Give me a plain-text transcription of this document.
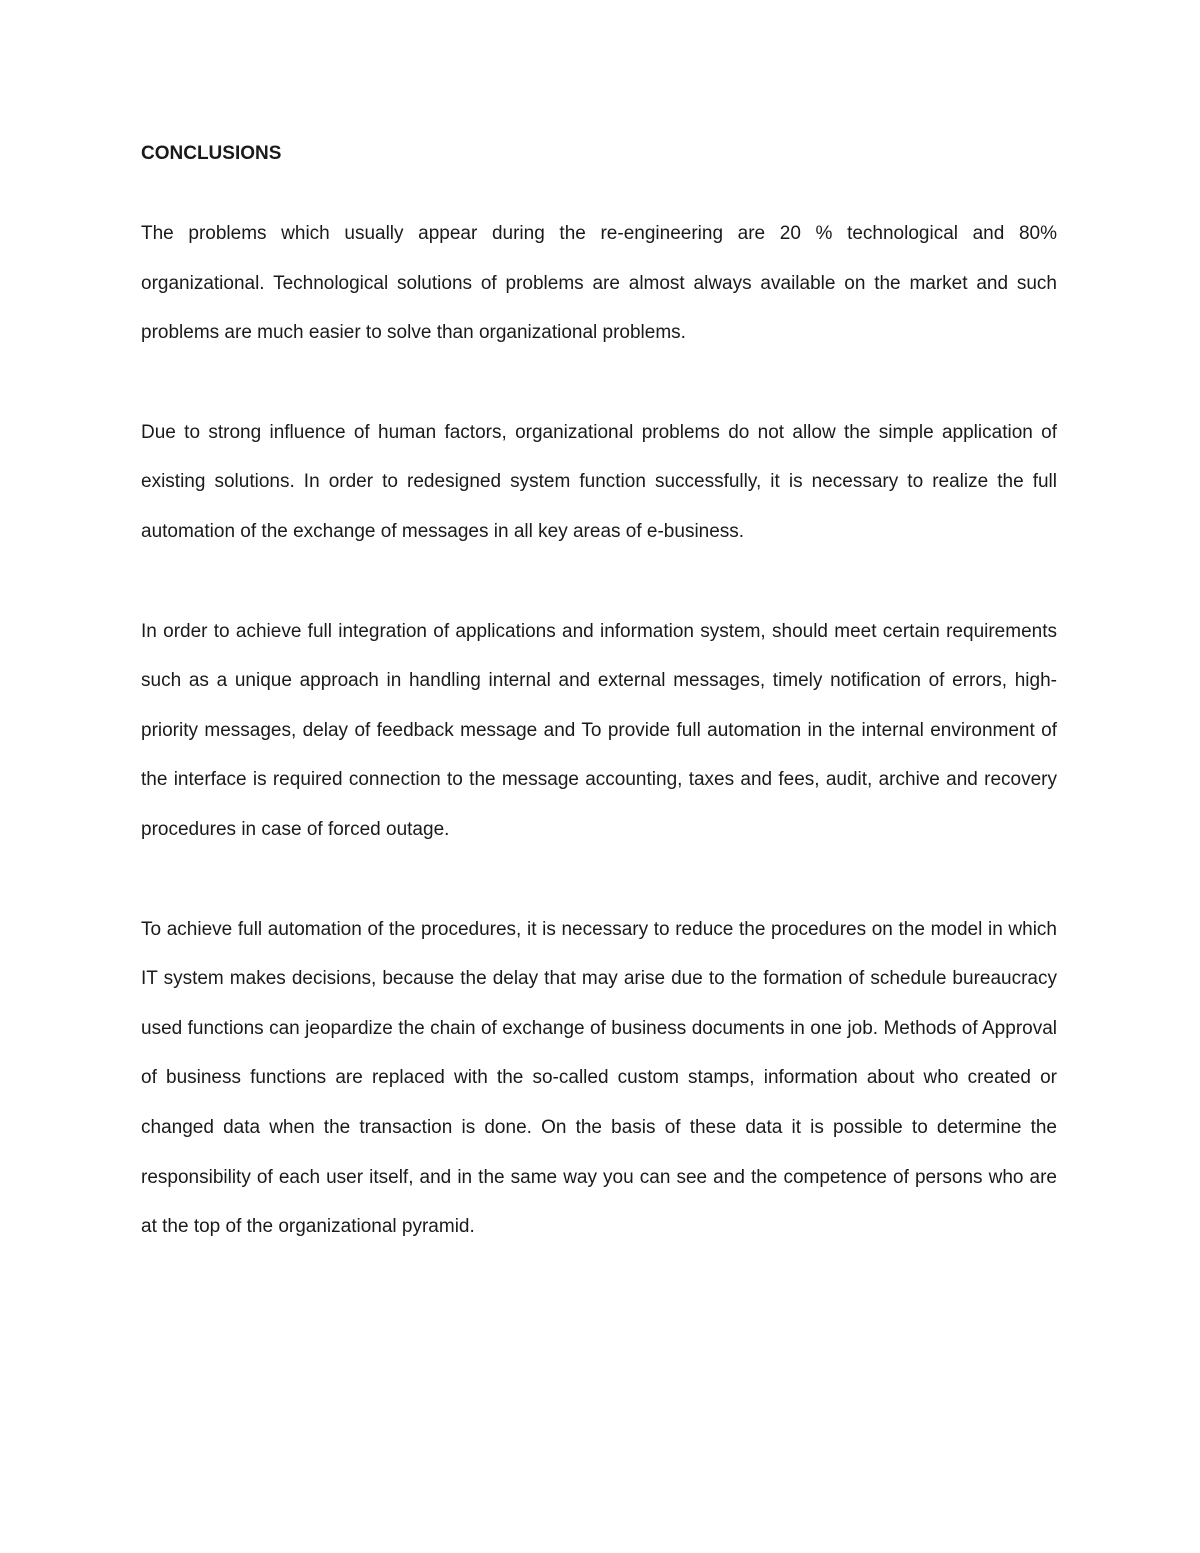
CONCLUSIONS

The problems which usually appear during the re-engineering are 20 % technological and 80% organizational. Technological solutions of problems are almost always available on the market and such problems are much easier to solve than organizational problems.

Due to strong influence of human factors, organizational problems do not allow the simple application of existing solutions. In order to redesigned system function successfully, it is necessary to realize the full automation of the exchange of messages in all key areas of e-business.

In order to achieve full integration of applications and information system, should meet certain requirements such as a unique approach in handling internal and external messages, timely notification of errors, high-priority messages, delay of feedback message and To provide full automation in the internal environment of the interface is required connection to the message accounting, taxes and fees, audit, archive and recovery procedures in case of forced outage.

To achieve full automation of the procedures, it is necessary to reduce the procedures on the model in which IT system makes decisions, because the delay that may arise due to the formation of schedule bureaucracy used functions can jeopardize the chain of exchange of business documents in one job. Methods of Approval of business functions are replaced with the so-called custom stamps, information about who created or changed data when the transaction is done. On the basis of these data it is possible to determine the responsibility of each user itself, and in the same way you can see and the competence of persons who are at the top of the organizational pyramid.
